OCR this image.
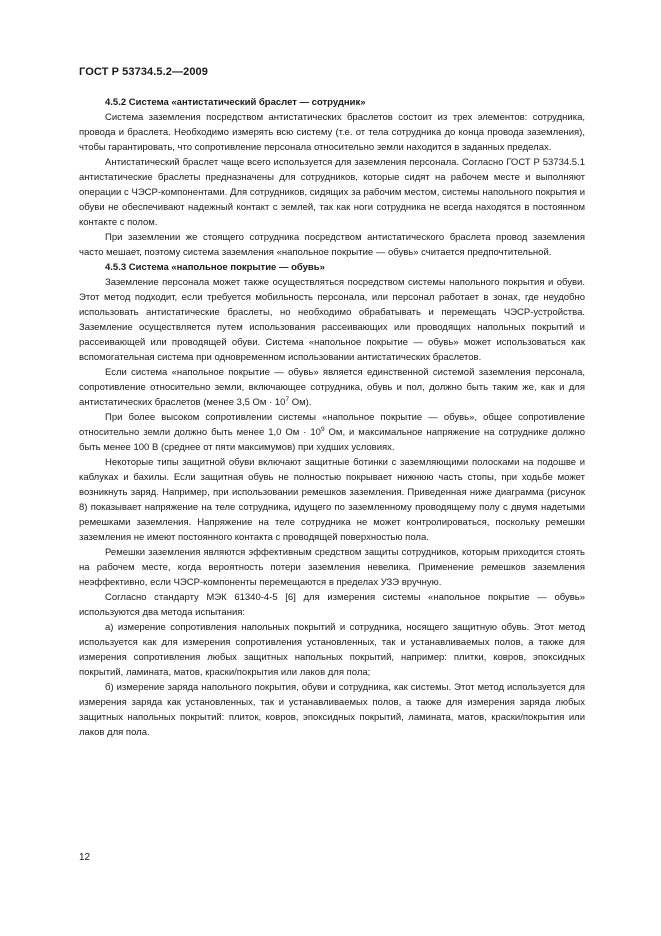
ГОСТ Р 53734.5.2—2009
4.5.2 Система «антистатический браслет — сотрудник»

Система заземления посредством антистатических браслетов состоит из трех элементов: сотрудника, провода и браслета. Необходимо измерять всю систему (т.е. от тела сотрудника до конца провода заземления), чтобы гарантировать, что сопротивление персонала относительно земли находится в заданных пределах.

Антистатический браслет чаще всего используется для заземления персонала. Согласно ГОСТ Р 53734.5.1 антистатические браслеты предназначены для сотрудников, которые сидят на рабочем месте и выполняют операции с ЧЭСР-компонентами. Для сотрудников, сидящих за рабочим местом, системы напольного покрытия и обуви не обеспечивают надежный контакт с землей, так как ноги сотрудника не всегда находятся в постоянном контакте с полом.

При заземлении же стоящего сотрудника посредством антистатического браслета провод заземления часто мешает, поэтому система заземления «напольное покрытие — обувь» считается предпочтительной.

4.5.3 Система «напольное покрытие — обувь»

Заземление персонала может также осуществляться посредством системы напольного покрытия и обуви. Этот метод подходит, если требуется мобильность персонала, или персонал работает в зонах, где неудобно использовать антистатические браслеты, но необходимо обрабатывать и перемещать ЧЭСР-устройства. Заземление осуществляется путем использования рассеивающих или проводящих напольных покрытий и рассеивающей или проводящей обуви. Система «напольное покрытие — обувь» может использоваться как вспомогательная система при одновременном использовании антистатических браслетов.

Если система «напольное покрытие — обувь» является единственной системой заземления персонала, сопротивление относительно земли, включающее сотрудника, обувь и пол, должно быть таким же, как и для антистатических браслетов (менее 3,5 Ом · $10^7$ Ом).

При более высоком сопротивлении системы «напольное покрытие — обувь», общее сопротивление относительно земли должно быть менее 1,0 Ом · $10^9$ Ом, и максимальное напряжение на сотруднике должно быть менее 100 В (среднее от пяти максимумов) при худших условиях.

Некоторые типы защитной обуви включают защитные ботинки с заземляющими полосками на подошве и каблуках и бахилы. Если защитная обувь не полностью покрывает нижнюю часть стопы, при ходьбе может возникнуть заряд. Например, при использовании ремешков заземления. Приведенная ниже диаграмма (рисунок 8) показывает напряжение на теле сотрудника, идущего по заземленному проводящему полу с двумя надетыми ремешками заземления. Напряжение на теле сотрудника не может контролироваться, поскольку ремешки заземления не имеют постоянного контакта с проводящей поверхностью пола.

Ремешки заземления являются эффективным средством защиты сотрудников, которым приходится стоять на рабочем месте, когда вероятность потери заземления невелика. Применение ремешков заземления неэффективно, если ЧЭСР-компоненты перемещаются в пределах УЗЭ вручную.

Согласно стандарту МЭК 61340-4-5 [6] для измерения системы «напольное покрытие — обувь» используются два метода испытания:

а) измерение сопротивления напольных покрытий и сотрудника, носящего защитную обувь. Этот метод используется как для измерения сопротивления установленных, так и устанавливаемых полов, а также для измерения сопротивления любых защитных напольных покрытий, например: плитки, ковров, эпоксидных покрытий, ламината, матов, краски/покрытия или лаков для пола;

б) измерение заряда напольного покрытия, обуви и сотрудника, как системы. Этот метод используется для измерения заряда как установленных, так и устанавливаемых полов, а также для измерения заряда любых защитных напольных покрытий: плиток, ковров, эпоксидных покрытий, ламината, матов, краски/покрытия или лаков для пола.

12
